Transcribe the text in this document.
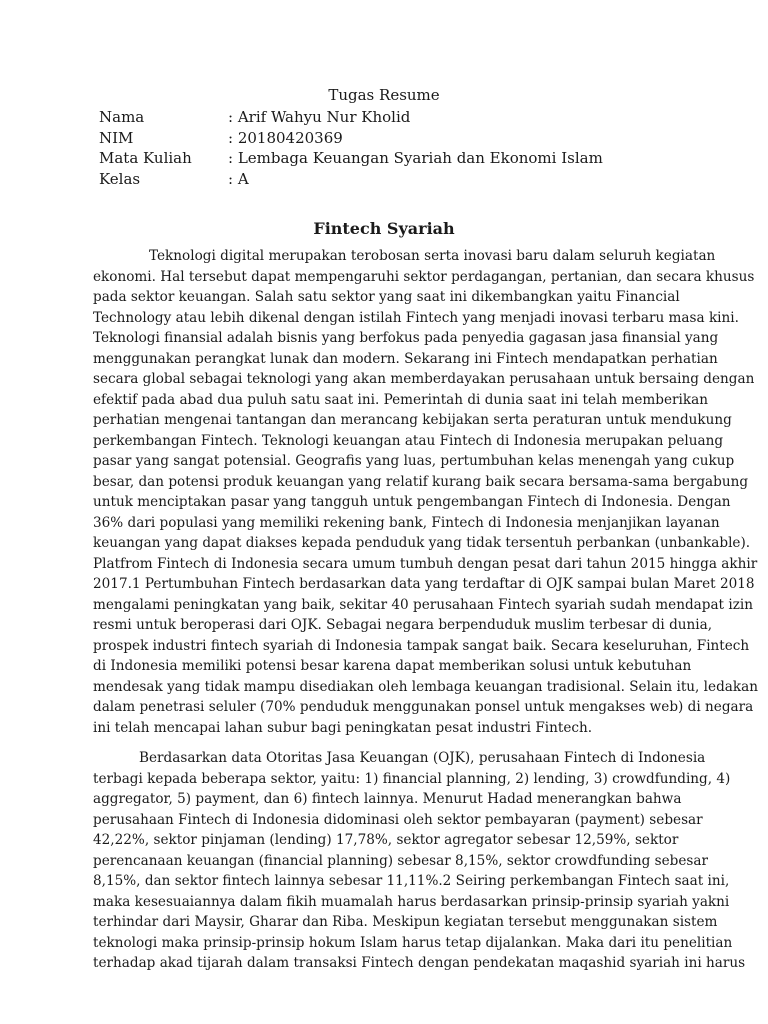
Tugas Resume
Nama	: Arif Wahyu Nur Kholid
NIM	: 20180420369
Mata Kuliah	: Lembaga Keuangan Syariah dan Ekonomi Islam
Kelas	: A
Fintech Syariah
Teknologi digital merupakan terobosan serta inovasi baru dalam seluruh kegiatan
ekonomi. Hal tersebut dapat mempengaruhi sektor perdagangan, pertanian, dan secara khusus
pada sektor keuangan. Salah satu sektor yang saat ini dikembangkan yaitu Financial
Technology atau lebih dikenal dengan istilah Fintech yang menjadi inovasi terbaru masa kini.
Teknologi finansial adalah bisnis yang berfokus pada penyedia gagasan jasa finansial yang
menggunakan perangkat lunak dan modern. Sekarang ini Fintech mendapatkan perhatian
secara global sebagai teknologi yang akan memberdayakan perusahaan untuk bersaing dengan
efektif pada abad dua puluh satu saat ini. Pemerintah di dunia saat ini telah memberikan
perhatian mengenai tantangan dan merancang kebijakan serta peraturan untuk mendukung
perkembangan Fintech. Teknologi keuangan atau Fintech di Indonesia merupakan peluang
pasar yang sangat potensial. Geografis yang luas, pertumbuhan kelas menengah yang cukup
besar, dan potensi produk keuangan yang relatif kurang baik secara bersama-sama bergabung
untuk menciptakan pasar yang tangguh untuk pengembangan Fintech di Indonesia. Dengan
36% dari populasi yang memiliki rekening bank, Fintech di Indonesia menjanjikan layanan
keuangan yang dapat diakses kepada penduduk yang tidak tersentuh perbankan (unbankable).
Platfrom Fintech di Indonesia secara umum tumbuh dengan pesat dari tahun 2015 hingga akhir
2017.1 Pertumbuhan Fintech berdasarkan data yang terdaftar di OJK sampai bulan Maret 2018
mengalami peningkatan yang baik, sekitar 40 perusahaan Fintech syariah sudah mendapat izin
resmi untuk beroperasi dari OJK. Sebagai negara berpenduduk muslim terbesar di dunia,
prospek industri fintech syariah di Indonesia tampak sangat baik. Secara keseluruhan, Fintech
di Indonesia memiliki potensi besar karena dapat memberikan solusi untuk kebutuhan
mendesak yang tidak mampu disediakan oleh lembaga keuangan tradisional. Selain itu, ledakan
dalam penetrasi seluler (70% penduduk menggunakan ponsel untuk mengakses web) di negara
ini telah mencapai lahan subur bagi peningkatan pesat industri Fintech.
Berdasarkan data Otoritas Jasa Keuangan (OJK), perusahaan Fintech di Indonesia
terbagi kepada beberapa sektor, yaitu: 1) financial planning, 2) lending, 3) crowdfunding, 4)
aggregator, 5) payment, dan 6) fintech lainnya. Menurut Hadad menerangkan bahwa
perusahaan Fintech di Indonesia didominasi oleh sektor pembayaran (payment) sebesar
42,22%, sektor pinjaman (lending) 17,78%, sektor agregator sebesar 12,59%, sektor
perencanaan keuangan (financial planning) sebesar 8,15%, sektor crowdfunding sebesar
8,15%, dan sektor fintech lainnya sebesar 11,11%.2 Seiring perkembangan Fintech saat ini,
maka kesesuaiannya dalam fikih muamalah harus berdasarkan prinsip-prinsip syariah yakni
terhindar dari Maysir, Gharar dan Riba. Meskipun kegiatan tersebut menggunakan sistem
teknologi maka prinsip-prinsip hokum Islam harus tetap dijalankan. Maka dari itu penelitian
terhadap akad tijarah dalam transaksi Fintech dengan pendekatan maqashid syariah ini harus
